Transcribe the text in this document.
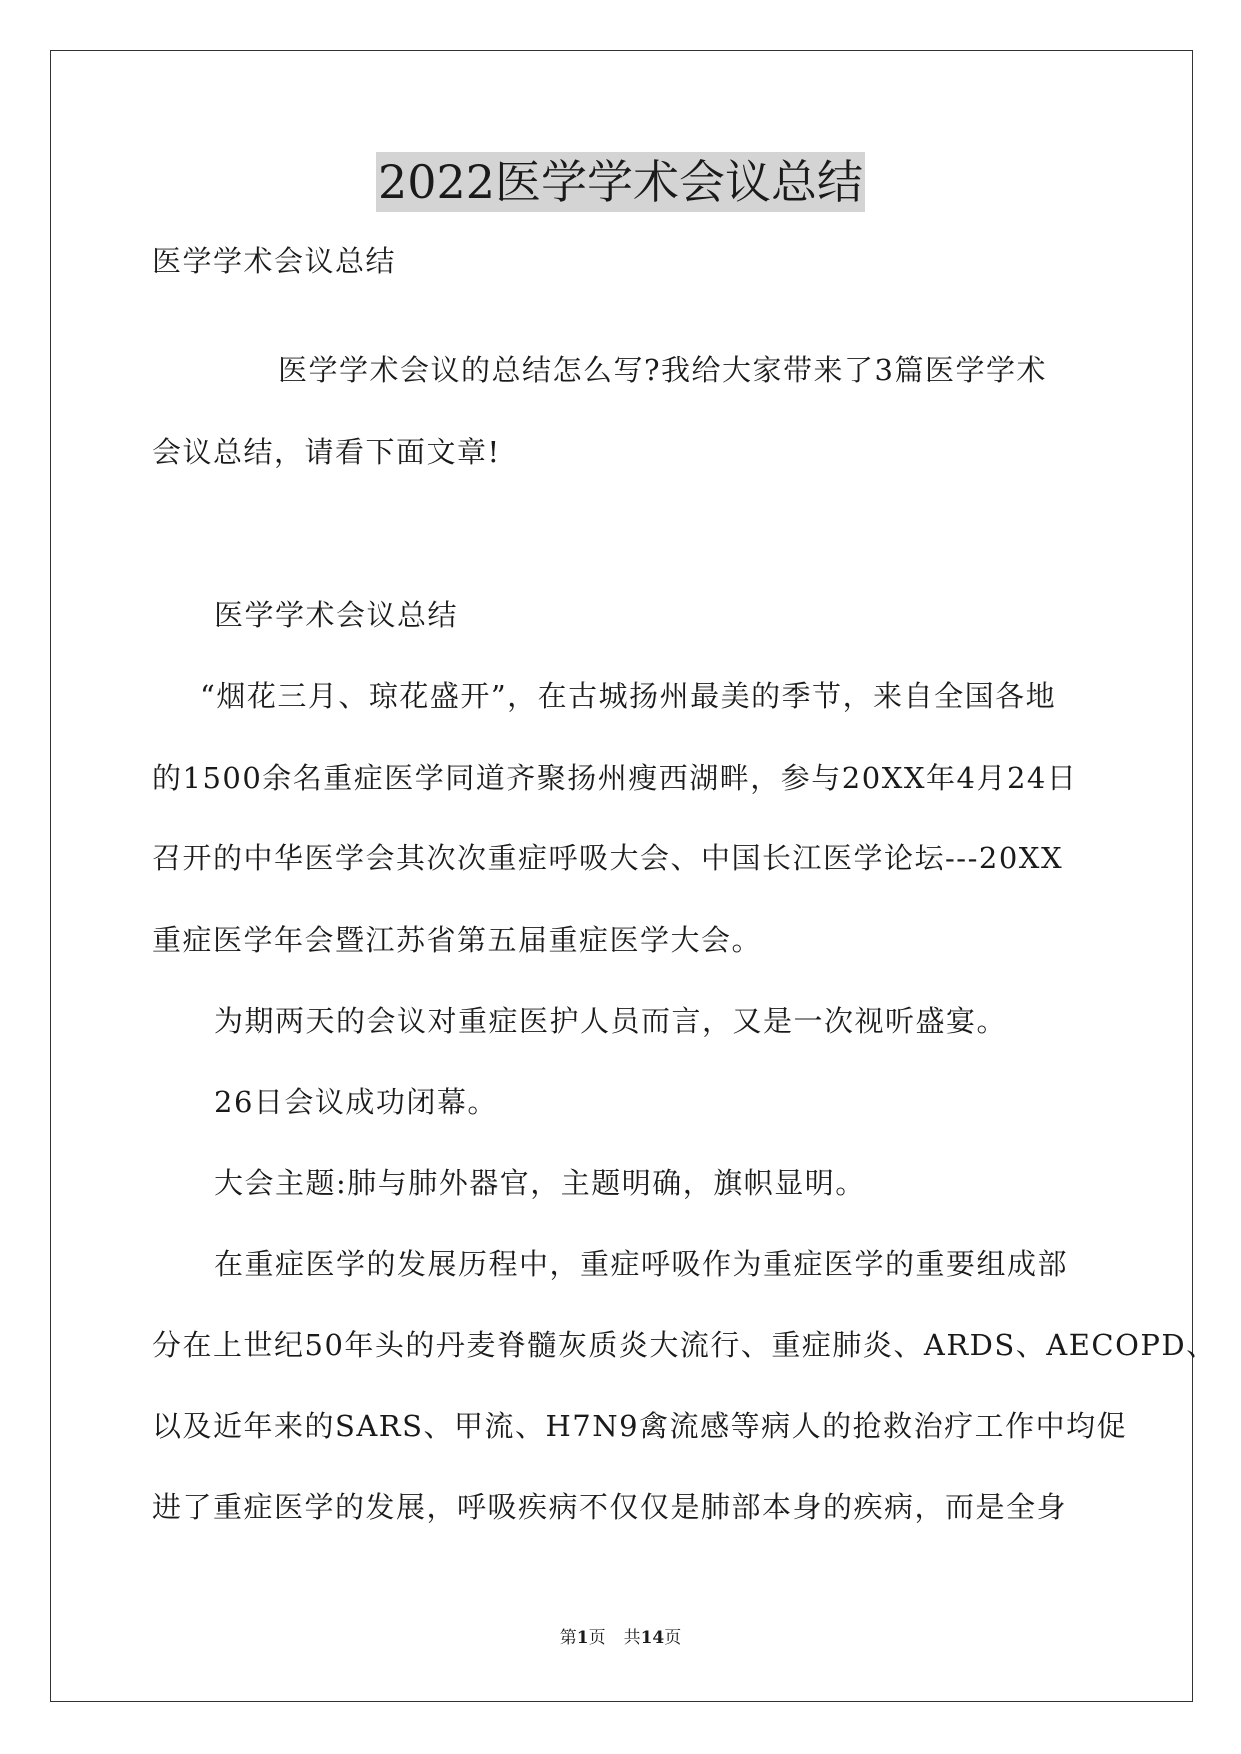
2022医学学术会议总结
医学学术会议总结
医学学术会议的总结怎么写?我给大家带来了3篇医学学术
会议总结，请看下面文章!
医学学术会议总结
“烟花三月、琼花盛开”，在古城扬州最美的季节，来自全国各地
的1500余名重症医学同道齐聚扬州瘦西湖畔，参与20XX年4月24日
召开的中华医学会其次次重症呼吸大会、中国长江医学论坛---20XX
重症医学年会暨江苏省第五届重症医学大会。
为期两天的会议对重症医护人员而言，又是一次视听盛宴。
26日会议成功闭幕。
大会主题:肺与肺外器官，主题明确，旗帜显明。
在重症医学的发展历程中，重症呼吸作为重症医学的重要组成部
分在上世纪50年头的丹麦脊髓灰质炎大流行、重症肺炎、ARDS、AECOPD、
以及近年来的SARS、甲流、H7N9禽流感等病人的抢救治疗工作中均促
进了重症医学的发展，呼吸疾病不仅仅是肺部本身的疾病，而是全身
第1页 共14页
